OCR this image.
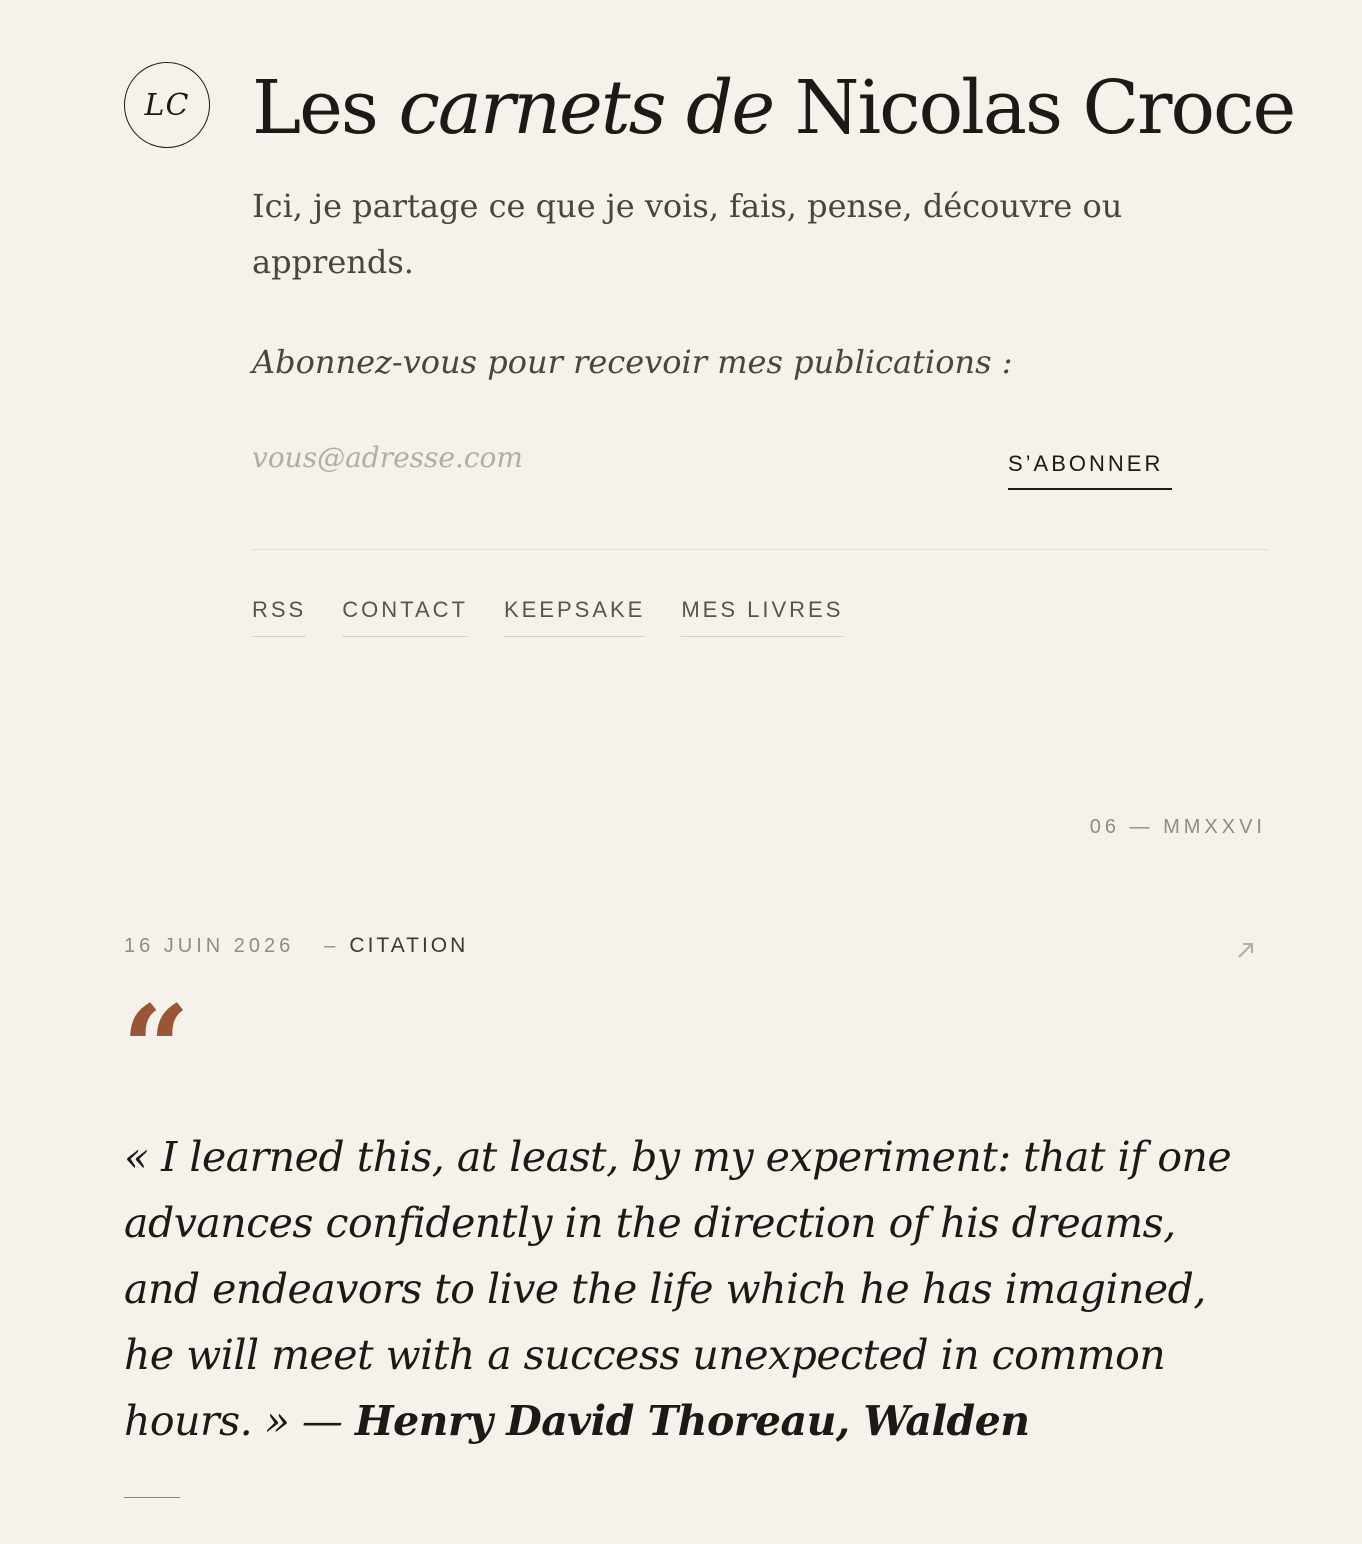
LC Les carnets de Nicolas Croce

Ici, je partage ce que je vois, fais, pense, découvre ou apprends.

Abonnez-vous pour recevoir mes publications :

vous@adresse.com
S’ABONNER
RSS CONTACT KEEPSAKE MES LIVRES
06 — MMXXVI
16 JUIN 2026 – CITATION
“

« I learned this, at least, by my experiment: that if one advances confidently in the direction of his dreams, and endeavors to live the life which he has imagined, he will meet with a success unexpected in common hours. » — Henry David Thoreau, Walden
